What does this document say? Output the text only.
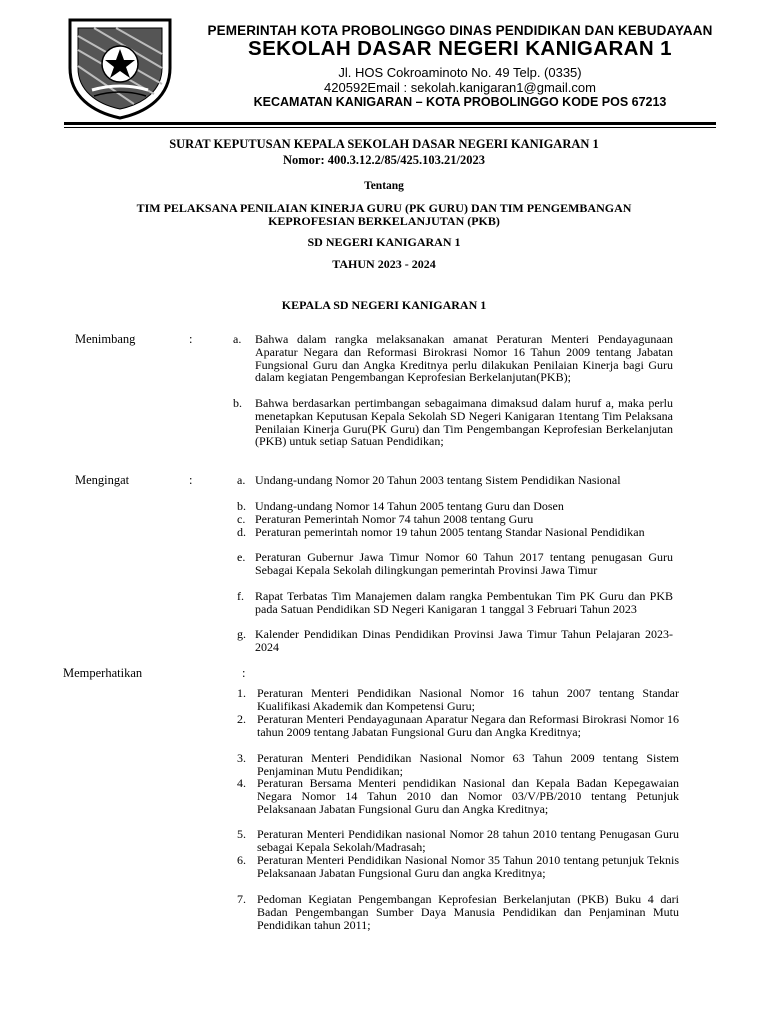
PEMERINTAH KOTA PROBOLINGGO DINAS PENDIDIKAN DAN KEBUDAYAAN
SEKOLAH DASAR NEGERI KANIGARAN 1
Jl. HOS Cokroaminoto No. 49 Telp. (0335)
420592Email : sekolah.kanigaran1@gmail.com
KECAMATAN KANIGARAN – KOTA PROBOLINGGO KODE POS 67213
SURAT KEPUTUSAN KEPALA SEKOLAH DASAR NEGERI KANIGARAN 1
Nomor: 400.3.12.2/85/425.103.21/2023
Tentang
TIM PELAKSANA PENILAIAN KINERJA GURU (PK GURU) DAN TIM PENGEMBANGAN
KEPROFESIAN BERKELANJUTAN (PKB)
SD NEGERI KANIGARAN 1
TAHUN 2023 - 2024
KEPALA SD NEGERI KANIGARAN 1
Menimbang	:	a. Bahwa dalam rangka melaksanakan amanat Peraturan Menteri Pendayagunaan Aparatur Negara dan Reformasi Birokrasi Nomor 16 Tahun 2009 tentang Jabatan Fungsional Guru dan Angka Kreditnya perlu dilakukan Penilaian Kinerja bagi Guru dalam kegiatan Pengembangan Keprofesian Berkelanjutan(PKB);
b. Bahwa berdasarkan pertimbangan sebagaimana dimaksud dalam huruf a, maka perlu menetapkan Keputusan Kepala Sekolah SD Negeri Kanigaran 1tentang Tim Pelaksana Penilaian Kinerja Guru(PK Guru) dan Tim Pengembangan Keprofesian Berkelanjutan (PKB) untuk setiap Satuan Pendidikan;
Mengingat	:	a. Undang-undang Nomor 20 Tahun 2003 tentang Sistem Pendidikan Nasional
b. Undang-undang Nomor 14 Tahun 2005 tentang Guru dan Dosen
c. Peraturan Pemerintah Nomor 74 tahun 2008 tentang Guru
d. Peraturan pemerintah nomor 19 tahun 2005 tentang Standar Nasional Pendidikan
e. Peraturan Gubernur Jawa Timur Nomor 60 Tahun 2017 tentang penugasan Guru Sebagai Kepala Sekolah dilingkungan pemerintah Provinsi Jawa Timur
f. Rapat Terbatas Tim Manajemen dalam rangka Pembentukan Tim PK Guru dan PKB pada Satuan Pendidikan SD Negeri Kanigaran 1 tanggal 3 Februari Tahun 2023
g. Kalender Pendidikan Dinas Pendidikan Provinsi Jawa Timur Tahun Pelajaran 2023-2024
Memperhatikan	:
1. Peraturan Menteri Pendidikan Nasional Nomor 16 tahun 2007 tentang Standar Kualifikasi Akademik dan Kompetensi Guru;
2. Peraturan Menteri Pendayagunaan Aparatur Negara dan Reformasi Birokrasi Nomor 16 tahun 2009 tentang Jabatan Fungsional Guru dan Angka Kreditnya;
3. Peraturan Menteri Pendidikan Nasional Nomor 63 Tahun 2009 tentang Sistem Penjaminan Mutu Pendidikan;
4. Peraturan Bersama Menteri pendidikan Nasional dan Kepala Badan Kepegawaian Negara Nomor 14 Tahun 2010 dan Nomor 03/V/PB/2010 tentang Petunjuk Pelaksanaan Jabatan Fungsional Guru dan Angka Kreditnya;
5. Peraturan Menteri Pendidikan nasional Nomor 28 tahun 2010 tentang Penugasan Guru sebagai Kepala Sekolah/Madrasah;
6. Peraturan Menteri Pendidikan Nasional Nomor 35 Tahun 2010 tentang petunjuk Teknis Pelaksanaan Jabatan Fungsional Guru dan angka Kreditnya;
7. Pedoman Kegiatan Pengembangan Keprofesian Berkelanjutan (PKB) Buku 4 dari Badan Pengembangan Sumber Daya Manusia Pendidikan dan Penjaminan Mutu Pendidikan tahun 2011;
